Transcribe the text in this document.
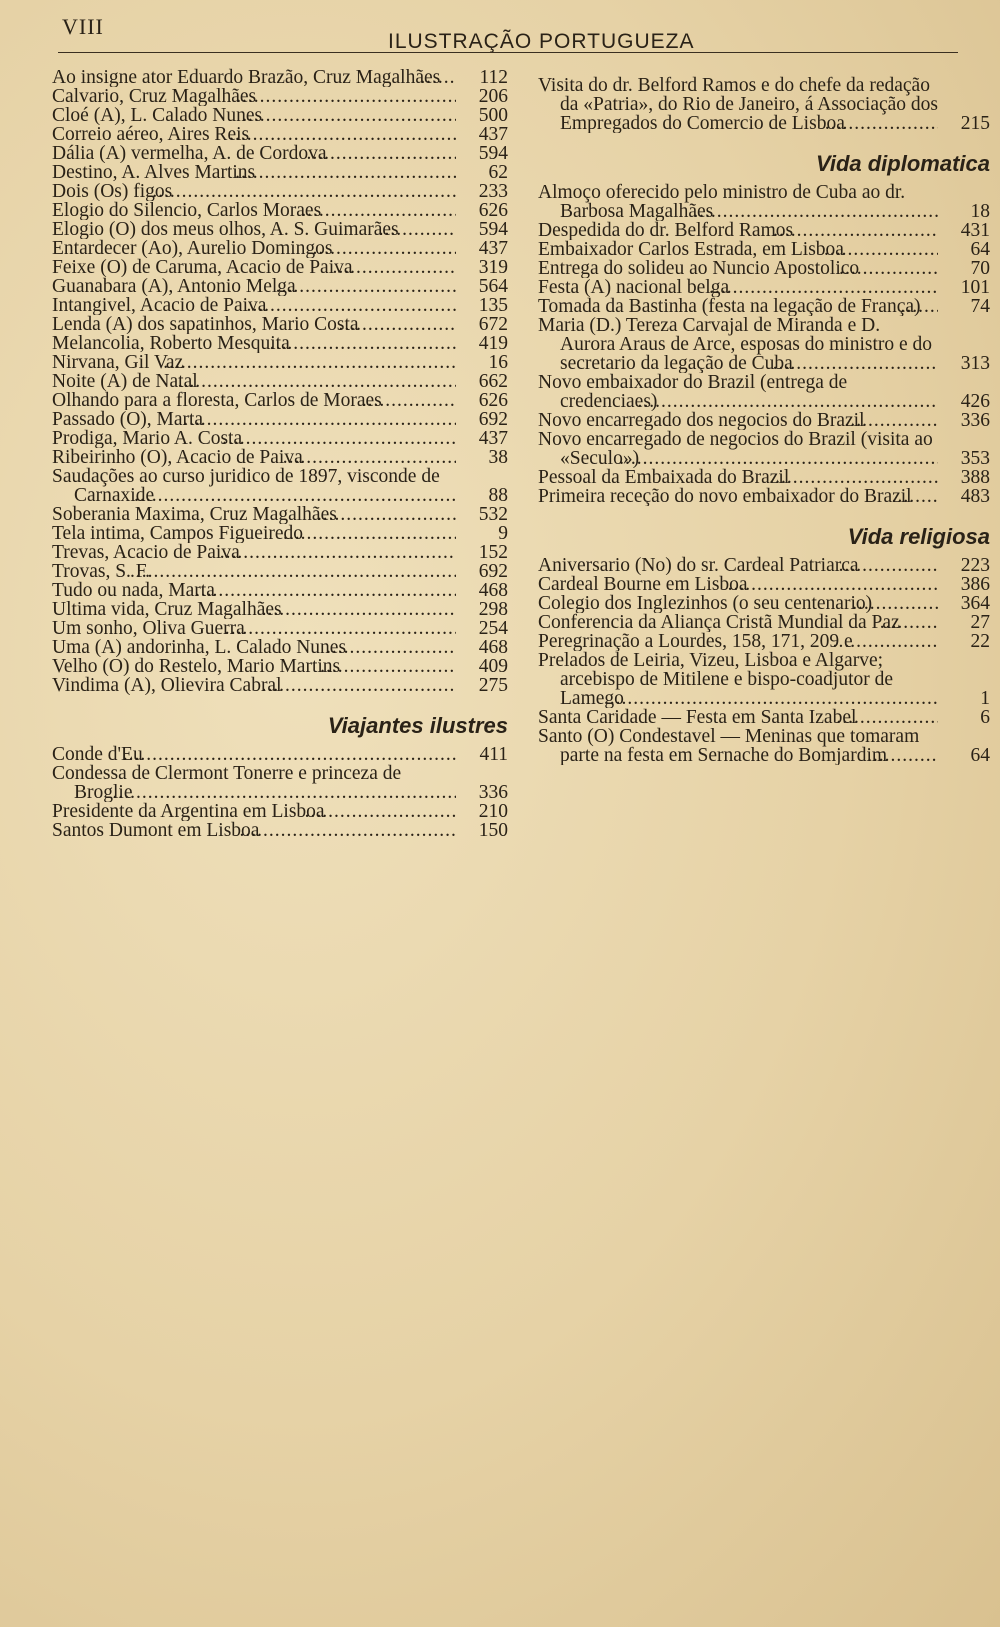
VIII
ILUSTRAÇÃO PORTUGUEZA
Ao insigne ator Eduardo Brazão, Cruz Magalhães .....	112
Calvario, Cruz Magalhães .....	206
Cloé (A), L. Calado Nunes .....	500
Correio aéreo, Aires Reis .....	437
Dália (A) vermelha, A. de Cordova .....	594
Destino, A. Alves Martins .....	62
Dois (Os) figos .....	233
Elogio do Silencio, Carlos Moraes .....	626
Elogio (O) dos meus olhos, A. S. Guimarães .....	594
Entardecer (Ao), Aurelio Domingos .....	437
Feixe (O) de Caruma, Acacio de Paiva .....	319
Guanabara (A), Antonio Melga .....	564
Intangivel, Acacio de Paiva .....	135
Lenda (A) dos sapatinhos, Mario Costa .....	672
Melancolia, Roberto Mesquita .....	419
Nirvana, Gil Vaz .....	16
Noite (A) de Natal .....	662
Olhando para a floresta, Carlos de Moraes .....	626
Passado (O), Marta .....	692
Prodiga, Mario A. Costa .....	437
Ribeirinho (O), Acacio de Paiva .....	38
Saudações ao curso juridico de 1897, visconde de Carnaxide .....	88
Soberania Maxima, Cruz Magalhães .....	532
Tela intima, Campos Figueiredo .....	9
Trevas, Acacio de Paiva .....	152
Trovas, S. F. .....	692
Tudo ou nada, Marta .....	468
Ultima vida, Cruz Magalhães .....	298
Um sonho, Oliva Guerra .....	254
Uma (A) andorinha, L. Calado Nunes .....	468
Velho (O) do Restelo, Mario Martins .....	409
Vindima (A), Olievira Cabral .....	275
Viajantes ilustres
Conde d'Eu .....	411
Condessa de Clermont Tonerre e princeza de Broglie .....	336
Presidente da Argentina em Lisboa .....	210
Santos Dumont em Lisboa .....	150
Visita do dr. Belford Ramos e do chefe da redação da «Patria», do Rio de Janeiro, á Associação dos Empregados do Comercio de Lisboa .....	215
Vida diplomatica
Almoço oferecido pelo ministro de Cuba ao dr. Barbosa Magalhães .....	18
Despedida do dr. Belford Ramos .....	431
Embaixador Carlos Estrada, em Lisboa .....	64
Entrega do solideu ao Nuncio Apostolico .....	70
Festa (A) nacional belga .....	101
Tomada da Bastinha (festa na legação de França) .....	74
Maria (D.) Tereza Carvajal de Miranda e D. Aurora Araus de Arce, esposas do ministro e do secretario da legação de Cuba .....	313
Novo embaixador do Brazil (entrega de credenciaes) .....	426
Novo encarregado dos negocios do Brazil .....	336
Novo encarregado de negocios do Brazil (visita ao «Seculo») .....	353
Pessoal da Embaixada do Brazil .....	388
Primeira receção do novo embaixador do Brazil .....	483
Vida religiosa
Aniversario (No) do sr. Cardeal Patriarca .....	223
Cardeal Bourne em Lisboa .....	386
Colegio dos Inglezinhos (o seu centenario) .....	364
Conferencia da Aliança Cristã Mundial da Paz .....	27
Peregrinação a Lourdes, 158, 171, 209 e .....	22
Prelados de Leiria, Vizeu, Lisboa e Algarve; arcebispo de Mitilene e bispo-coadjutor de Lamego .....	1
Santa Caridade — Festa em Santa Izabel .....	6
Santo (O) Condestavel — Meninas que tomaram parte na festa em Sernache do Bomjardim .....	64
